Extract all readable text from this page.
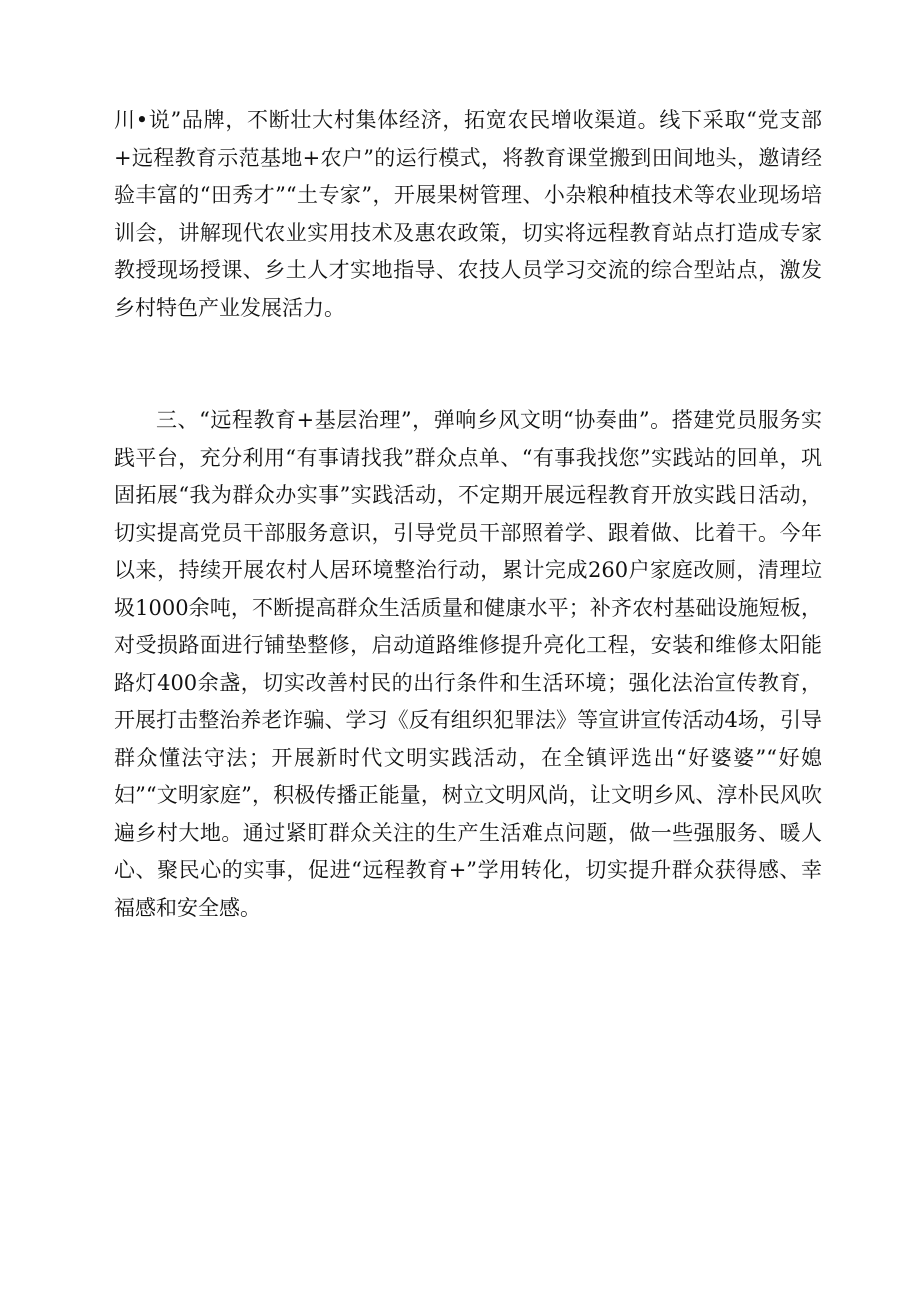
川•说”品牌，不断壮大村集体经济，拓宽农民增收渠道。线下采取“党支部+远程教育示范基地+农户”的运行模式，将教育课堂搬到田间地头，邀请经验丰富的“田秀才”“土专家”，开展果树管理、小杂粮种植技术等农业现场培训会，讲解现代农业实用技术及惠农政策，切实将远程教育站点打造成专家教授现场授课、乡土人才实地指导、农技人员学习交流的综合型站点，激发乡村特色产业发展活力。

三、“远程教育+基层治理”，弹响乡风文明“协奏曲”。搭建党员服务实践平台，充分利用“有事请找我”群众点单、“有事我找您”实践站的回单，巩固拓展“我为群众办实事”实践活动，不定期开展远程教育开放实践日活动，切实提高党员干部服务意识，引导党员干部照着学、跟着做、比着干。今年以来，持续开展农村人居环境整治行动，累计完成260户家庭改厕，清理垃圾1000余吨，不断提高群众生活质量和健康水平；补齐农村基础设施短板，对受损路面进行铺垫整修，启动道路维修提升亮化工程，安装和维修太阳能路灯400余盏，切实改善村民的出行条件和生活环境；强化法治宣传教育，开展打击整治养老诈骗、学习《反有组织犯罪法》等宣讲宣传活动4场，引导群众懂法守法；开展新时代文明实践活动，在全镇评选出“好婆婆”“好媳妇”“文明家庭”，积极传播正能量，树立文明风尚，让文明乡风、淳朴民风吹遍乡村大地。通过紧盯群众关注的生产生活难点问题，做一些强服务、暖人心、聚民心的实事，促进“远程教育+”学用转化，切实提升群众获得感、幸福感和安全感。
